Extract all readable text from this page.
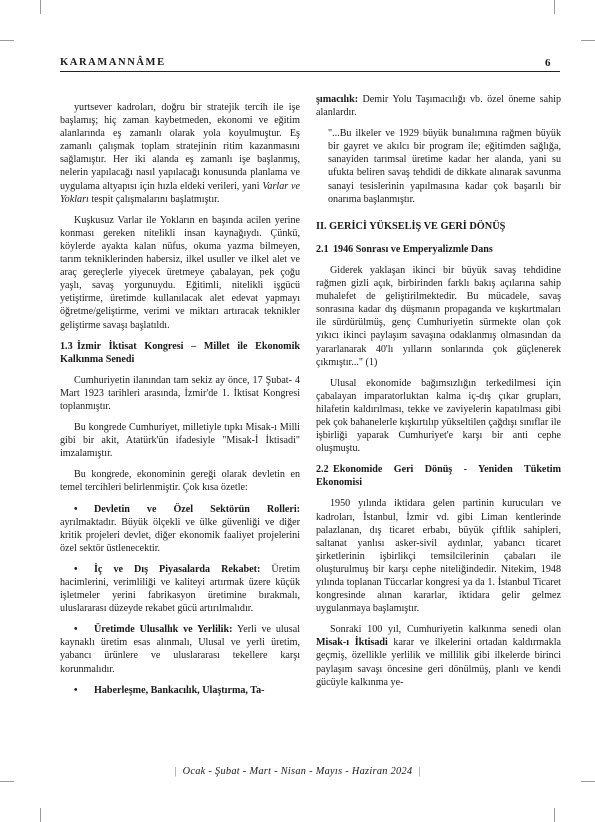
KARAMANNÂME	6

yurtsever kadroları, doğru bir stratejik tercih ile işe başlamış; hiç zaman kaybetmeden, ekonomi ve eğitim alanlarında eş zamanlı olarak yola koyulmuştur. Eş zamanlı çalışmak toplam stratejinin ritim kazanmasını sağlamıştır. Her iki alanda eş zamanlı işe başlanmış, nelerin yapılacağı nasıl yapılacağı konusunda planlama ve uygulama altyapısı için hızla eldeki verileri, yani Varlar ve Yokları tespit çalışmalarını başlatmıştır.

Kuşkusuz Varlar ile Yokların en başında acilen yerine konması gereken nitelikli insan kaynağıydı. Çünkü, köylerde ayakta kalan nüfus, okuma yazma bilmeyen, tarım tekniklerinden habersiz, ilkel usuller ve ilkel alet ve araç gereçlerle yiyecek üretmeye çabalayan, pek çoğu yaşlı, savaş yorgunuydu. Eğitimli, nitelikli işgücü yetiştirme, üretimde kullanılacak alet edevat yapmayı öğretme/geliştirme, verimi ve miktarı artıracak teknikler geliştirme savaşı başlatıldı.

1.3 İzmir İktisat Kongresi – Millet ile Ekonomik Kalkınma Senedi

Cumhuriyetin ilanından tam sekiz ay önce, 17 Şubat- 4 Mart 1923 tarihleri arasında, İzmir'de 1. İktisat Kongresi toplanmıştır.

Bu kongrede Cumhuriyet, milletiyle tıpkı Misak-ı Milli gibi bir akit, Atatürk'ün ifadesiyle "Misak-İ İktisadi" imzalamıştır.

Bu kongrede, ekonominin gereği olarak devletin en temel tercihleri belirlenmiştir. Çok kısa özetle:

• Devletin ve Özel Sektörün Rolleri: ayrılmaktadır. Büyük ölçekli ve ülke güvenliği ve diğer kritik projeleri devlet, diğer ekonomik faaliyet projelerini özel sektör üstlenecektir.

• İç ve Dış Piyasalarda Rekabet: Üretim hacimlerini, verimliliği ve kaliteyi artırmak üzere küçük işletmeler yerini fabrikasyon üretimine bırakmalı, uluslararası düzeyde rekabet gücü artırılmalıdır.

• Üretimde Ulusallık ve Yerlilik: Yerli ve ulusal kaynaklı üretim esas alınmalı, Ulusal ve yerli üretim, yabancı ürünlere ve uluslararası tekellere karşı korunmalıdır.

• Haberleşme, Bankacılık, Ulaştırma, Ta-

şımacılık: Demir Yolu Taşımacılığı vb. özel öneme sahip alanlardır.

"...Bu ilkeler ve 1929 büyük bunalımına rağmen büyük bir gayret ve akılcı bir program ile; eğitimden sağlığa, sanayiden tarımsal üretime kadar her alanda, yani su ufukta beliren savaş tehdidi de dikkate alınarak savunma sanayi tesislerinin yapılmasına kadar çok başarılı bir onarıma başlanmıştır.

II. GERİCİ YÜKSELİŞ VE GERİ DÖNÜŞ
2.1 1946 Sonrası ve Emperyalizmle Dans

Giderek yaklaşan ikinci bir büyük savaş tehdidine rağmen gizli açık, birbirinden farklı bakış açılarına sahip muhalefet de geliştirilmektedir. Bu mücadele, savaş sonrasına kadar dış düşmanın propaganda ve kışkırtmaları ile sürdürülmüş, genç Cumhuriyetin sürmekte olan çok yıkıcı ikinci paylaşım savaşına odaklanmış olmasından da yararlanarak 40'lı yılların sonlarında çok güçlenerek çıkmıştır..." (1)

Ulusal ekonomide bağımsızlığın terkedilmesi için çabalayan imparatorluktan kalma iç-dış çıkar grupları, hilafetin kaldırılması, tekke ve zaviyelerin kapatılması gibi pek çok bahanelerle kışkırtılıp yükseltilen çağdışı sınıflar ile işbirliği yaparak Cumhuriyet'e karşı bir anti cephe oluşmuştu.

2.2 Ekonomide Geri Dönüş - Yeniden Tüketim Ekonomisi

1950 yılında iktidara gelen partinin kurucuları ve kadroları, İstanbul, İzmir vd. gibi Liman kentlerinde palazlanan, dış ticaret erbabı, büyük çiftlik sahipleri, saltanat yanlısı asker-sivil aydınlar, yabancı ticaret şirketlerinin işbirlikçi temsilcilerinin çabaları ile oluşturulmuş bir karşı cephe niteliğindedir. Nitekim, 1948 yılında toplanan Tüccarlar kongresi ya da 1. İstanbul Ticaret kongresinde alınan kararlar, iktidara gelir gelmez uygulanmaya başlamıştır.

Sonraki 100 yıl, Cumhuriyetin kalkınma senedi olan Misak-ı İktisadi karar ve ilkelerini ortadan kaldırmakla geçmiş, özellikle yerlilik ve millilik gibi ilkelerde birinci paylaşım savaşı öncesine geri dönülmüş, planlı ve kendi gücüyle kalkınma ye-

| Ocak - Şubat - Mart - Nisan - Mayıs - Haziran 2024 |
